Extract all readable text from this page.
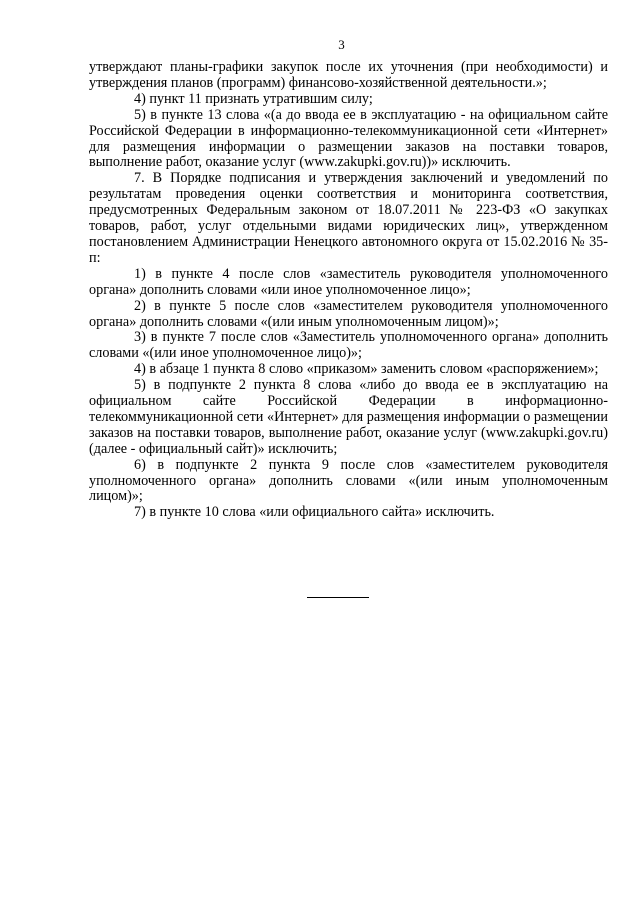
3

утверждают планы-графики закупок после их уточнения (при необходимости) и утверждения планов (программ) финансово-хозяйственной деятельности.»;

4) пункт 11 признать утратившим силу;

5) в пункте 13 слова «(а до ввода ее в эксплуатацию - на официальном сайте Российской Федерации в информационно-телекоммуникационной сети «Интернет» для размещения информации о размещении заказов на поставки товаров, выполнение работ, оказание услуг (www.zakupki.gov.ru))» исключить.

7. В Порядке подписания и утверждения заключений и уведомлений по результатам проведения оценки соответствия и мониторинга соответствия, предусмотренных Федеральным законом от 18.07.2011 № 223-ФЗ «О закупках товаров, работ, услуг отдельными видами юридических лиц», утвержденном постановлением Администрации Ненецкого автономного округа от 15.02.2016 № 35-п:

1) в пункте 4 после слов «заместитель руководителя уполномоченного органа» дополнить словами «или иное уполномоченное лицо»;

2) в пункте 5 после слов «заместителем руководителя уполномоченного органа» дополнить словами «(или иным уполномоченным лицом)»;

3) в пункте 7 после слов «Заместитель уполномоченного органа» дополнить словами «(или иное уполномоченное лицо)»;

4) в абзаце 1 пункта 8 слово «приказом» заменить словом «распоряжением»;

5) в подпункте 2 пункта 8 слова «либо до ввода ее в эксплуатацию на официальном сайте Российской Федерации в информационно-телекоммуникационной сети «Интернет» для размещения информации о размещении заказов на поставки товаров, выполнение работ, оказание услуг (www.zakupki.gov.ru) (далее - официальный сайт)» исключить;

6) в подпункте 2 пункта 9 после слов «заместителем руководителя уполномоченного органа» дополнить словами «(или иным уполномоченным лицом)»;

7) в пункте 10 слова «или официального сайта» исключить.
